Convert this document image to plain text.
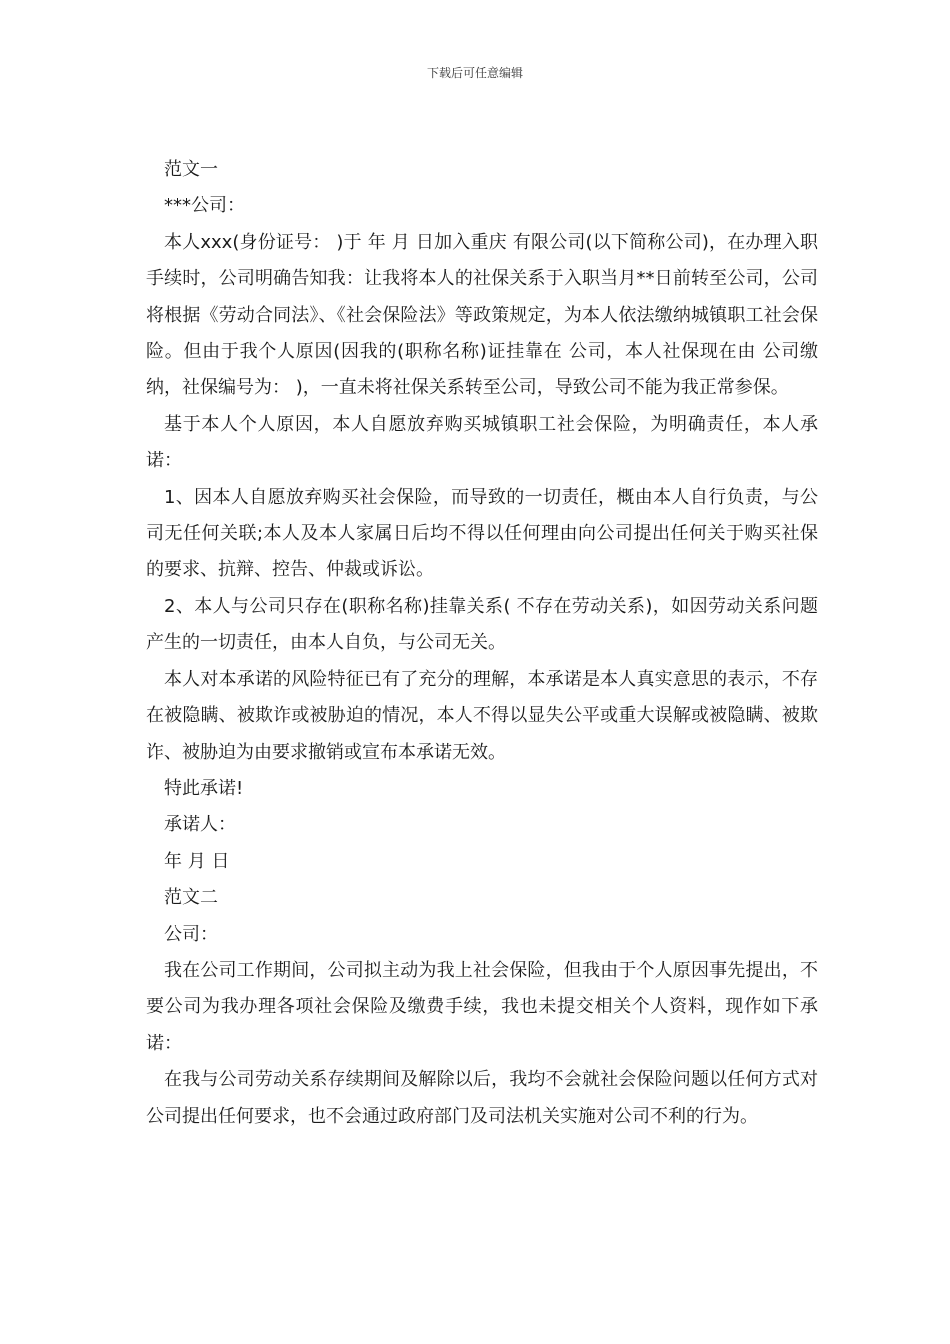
下载后可任意编辑

范文一

***公司：

本人xxx(身份证号： )于 年 月 日加入重庆 有限公司(以下简称公司)，在办理入职手续时，公司明确告知我：让我将本人的社保关系于入职当月**日前转至公司，公司将根据《劳动合同法》、《社会保险法》等政策规定，为本人依法缴纳城镇职工社会保险。但由于我个人原因(因我的(职称名称)证挂靠在 公司，本人社保现在由 公司缴纳，社保编号为： )，一直未将社保关系转至公司，导致公司不能为我正常参保。

基于本人个人原因，本人自愿放弃购买城镇职工社会保险，为明确责任，本人承诺：

1、因本人自愿放弃购买社会保险，而导致的一切责任，概由本人自行负责，与公司无任何关联;本人及本人家属日后均不得以任何理由向公司提出任何关于购买社保的要求、抗辩、控告、仲裁或诉讼。

2、本人与公司只存在(职称名称)挂靠关系( 不存在劳动关系)，如因劳动关系问题产生的一切责任，由本人自负，与公司无关。

本人对本承诺的风险特征已有了充分的理解，本承诺是本人真实意思的表示，不存在被隐瞒、被欺诈或被胁迫的情况，本人不得以显失公平或重大误解或被隐瞒、被欺诈、被胁迫为由要求撤销或宣布本承诺无效。

特此承诺!

承诺人：

年 月 日

范文二

公司：

我在公司工作期间，公司拟主动为我上社会保险，但我由于个人原因事先提出，不要公司为我办理各项社会保险及缴费手续，我也未提交相关个人资料，现作如下承诺：

在我与公司劳动关系存续期间及解除以后，我均不会就社会保险问题以任何方式对公司提出任何要求，也不会通过政府部门及司法机关实施对公司不利的行为。
